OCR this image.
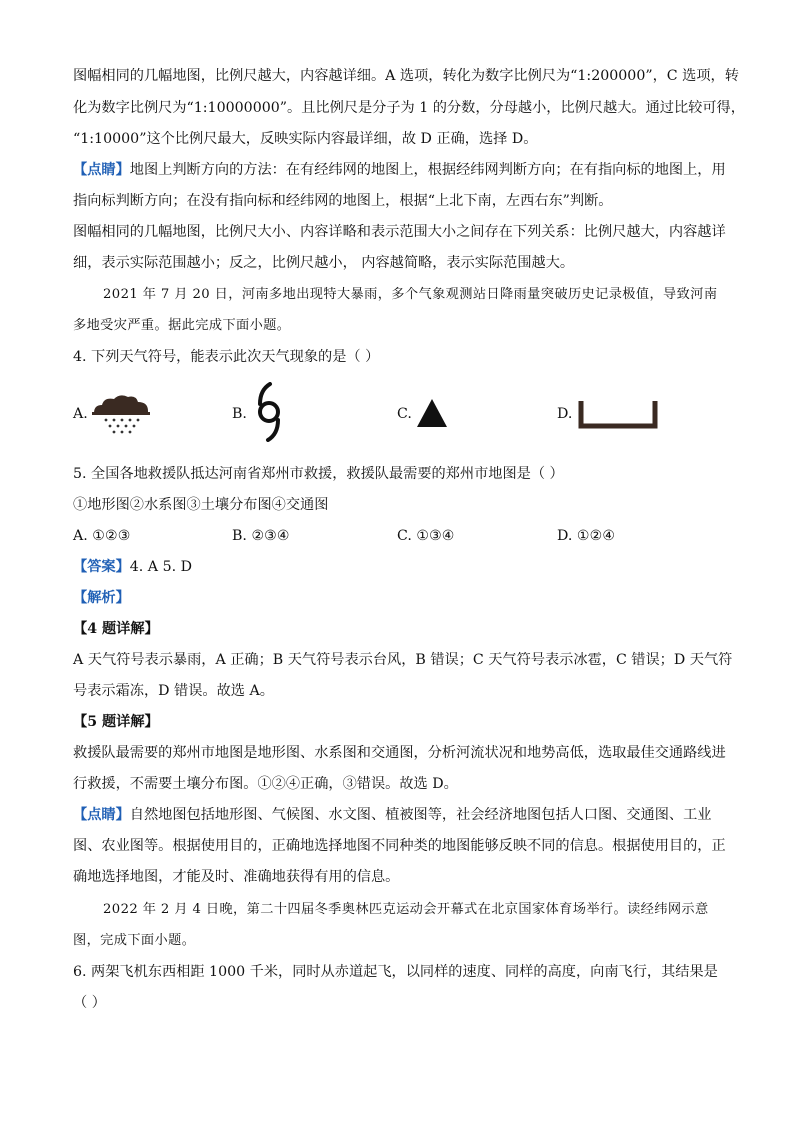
图幅相同的几幅地图，比例尺越大，内容越详细。A 选项，转化为数字比例尺为“1:200000”，C 选项，转
化为数字比例尺为“1:10000000”。且比例尺是分子为 1 的分数，分母越小，比例尺越大。通过比较可得，
“1:10000”这个比例尺最大，反映实际内容最详细，故 D 正确，选择 D。
【点睛】地图上判断方向的方法：在有经纬网的地图上，根据经纬网判断方向；在有指向标的地图上，用
指向标判断方向；在没有指向标和经纬网的地图上，根据“上北下南，左西右东”判断。
图幅相同的几幅地图，比例尺大小、内容详略和表示范围大小之间存在下列关系：比例尺越大，内容越详
细，表示实际范围越小；反之，比例尺越小， 内容越简略，表示实际范围越大。
2021 年 7 月 20 日，河南多地出现特大暴雨，多个气象观测站日降雨量突破历史记录极值，导致河南
多地受灾严重。据此完成下面小题。
4. 下列天气符号，能表示此次天气现象的是（ ）
A.	B.	C.	D.
5. 全国各地救援队抵达河南省郑州市救援，救援队最需要的郑州市地图是（ ）
①地形图②水系图③土壤分布图④交通图
A. ①②③	B. ②③④	C. ①③④	D. ①②④
【答案】4. A 5. D
【解析】
【4 题详解】
A 天气符号表示暴雨，A 正确；B 天气符号表示台风，B 错误；C 天气符号表示冰雹，C 错误；D 天气符
号表示霜冻，D 错误。故选 A。
【5 题详解】
救援队最需要的郑州市地图是地形图、水系图和交通图，分析河流状况和地势高低，选取最佳交通路线进
行救援，不需要土壤分布图。①②④正确，③错误。故选 D。
【点睛】自然地图包括地形图、气候图、水文图、植被图等，社会经济地图包括人口图、交通图、工业
图、农业图等。根据使用目的，正确地选择地图不同种类的地图能够反映不同的信息。根据使用目的，正
确地选择地图，才能及时、准确地获得有用的信息。
2022 年 2 月 4 日晚，第二十四届冬季奥林匹克运动会开幕式在北京国家体育场举行。读经纬网示意
图，完成下面小题。
6. 两架飞机东西相距 1000 千米，同时从赤道起飞，以同样的速度、同样的高度，向南飞行，其结果是
（ ）
